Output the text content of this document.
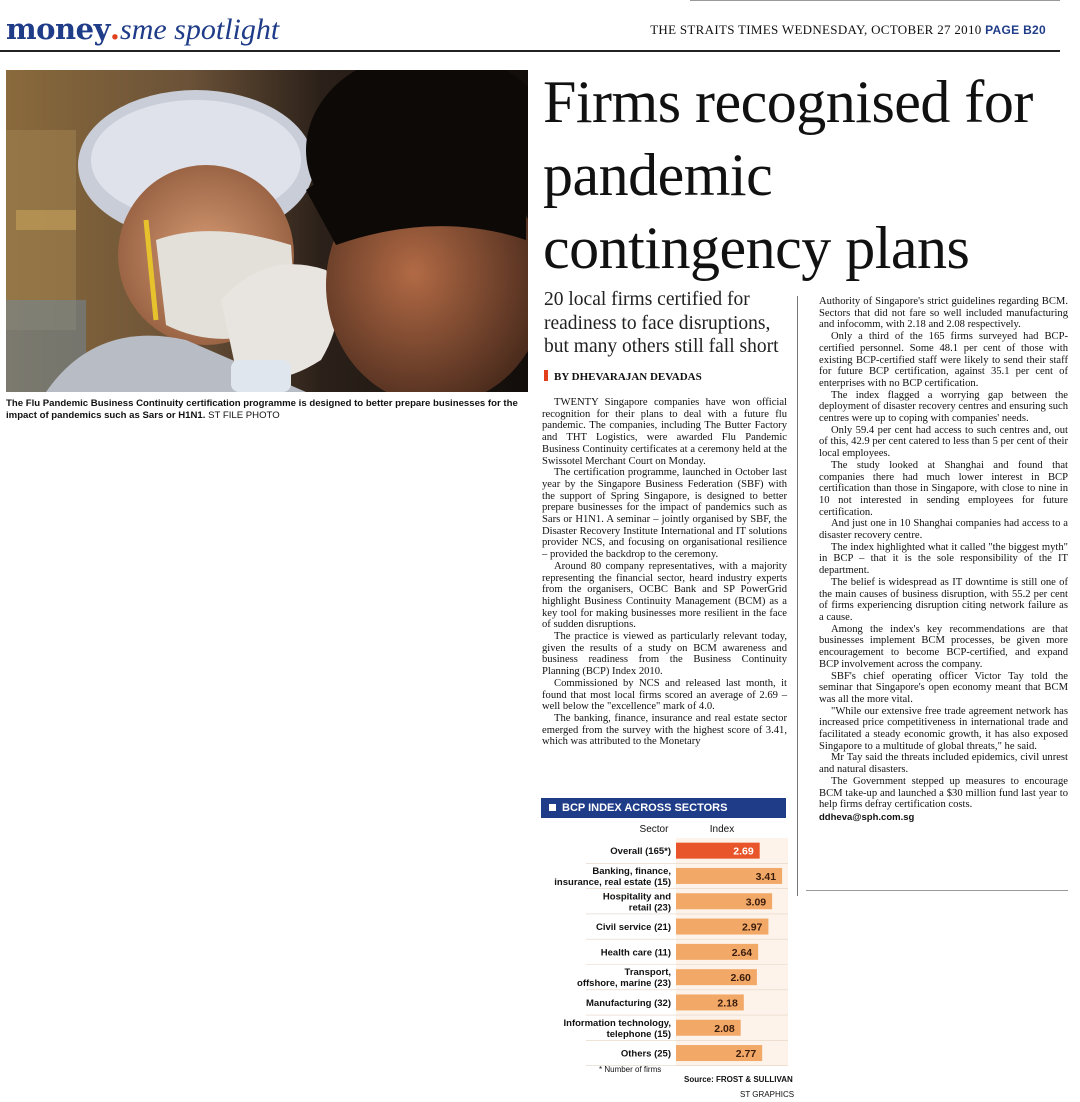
money.sme spotlight	THE STRAITS TIMES WEDNESDAY, OCTOBER 27 2010 PAGE B20
The Flu Pandemic Business Continuity certification programme is designed to better prepare businesses for the impact of pandemics such as Sars or H1N1. ST FILE PHOTO
Firms recognised for pandemic contingency plans
20 local firms certified for readiness to face disruptions, but many others still fall short
BY DHEVARAJAN DEVADAS

TWENTY Singapore companies have won official recognition for their plans to deal with a future flu pandemic. The companies, including The Butter Factory and THT Logistics, were awarded Flu Pandemic Business Continuity certificates at a ceremony held at the Swissotel Merchant Court on Monday.

The certification programme, launched in October last year by the Singapore Business Federation (SBF) with the support of Spring Singapore, is designed to better prepare businesses for the impact of pandemics such as Sars or H1N1. A seminar – jointly organised by SBF, the Disaster Recovery Institute International and IT solutions provider NCS, and focusing on organisational resilience – provided the backdrop to the ceremony.

Around 80 company representatives, with a majority representing the financial sector, heard industry experts from the organisers, OCBC Bank and SP PowerGrid highlight Business Continuity Management (BCM) as a key tool for making businesses more resilient in the face of sudden disruptions.

The practice is viewed as particularly relevant today, given the results of a study on BCM awareness and business readiness from the Business Continuity Planning (BCP) Index 2010.

Commissioned by NCS and released last month, it found that most local firms scored an average of 2.69 – well below the "excellence" mark of 4.0.

The banking, finance, insurance and real estate sector emerged from the survey with the highest score of 3.41, which was attributed to the Monetary

Authority of Singapore's strict guidelines regarding BCM. Sectors that did not fare so well included manufacturing and infocomm, with 2.18 and 2.08 respectively.

Only a third of the 165 firms surveyed had BCP-certified personnel. Some 48.1 per cent of those with existing BCP-certified staff were likely to send their staff for future BCP certification, against 35.1 per cent of enterprises with no BCP certification.

The index flagged a worrying gap between the deployment of disaster recovery centres and ensuring such centres were up to coping with companies' needs.

Only 59.4 per cent had access to such centres and, out of this, 42.9 per cent catered to less than 5 per cent of their local employees.

The study looked at Shanghai and found that companies there had much lower interest in BCP certification than those in Singapore, with close to nine in 10 not interested in sending employees for future certification.

And just one in 10 Shanghai companies had access to a disaster recovery centre.

The index highlighted what it called "the biggest myth" in BCP – that it is the sole responsibility of the IT department.

The belief is widespread as IT downtime is still one of the main causes of business disruption, with 55.2 per cent of firms experiencing disruption citing network failure as a cause.

Among the index's key recommendations are that businesses implement BCM processes, be given more encouragement to become BCP-certified, and expand BCP involvement across the company.

SBF's chief operating officer Victor Tay told the seminar that Singapore's open economy meant that BCM was all the more vital.

"While our extensive free trade agreement network has increased price competitiveness in international trade and facilitated a steady economic growth, it has also exposed Singapore to a multitude of global threats," he said.

Mr Tay said the threats included epidemics, civil unrest and natural disasters.

The Government stepped up measures to encourage BCM take-up and launched a $30 million fund last year to help firms defray certification costs.

ddheva@sph.com.sg
BCP INDEX ACROSS SECTORS
Sector	Index
2.69
Overall (165*)
3.41
Banking, finance,
insurance, real estate (15)
3.09
Hospitality and
retail (23)
2.97
Civil service (21)
2.64
Health care (11)
2.60
Transport,
offshore, marine (23)
2.18
Manufacturing (32)
2.08
Information technology,
telephone (15)
2.77
Others (25)
* Number of firms
Source: FROST & SULLIVAN
ST GRAPHICS
